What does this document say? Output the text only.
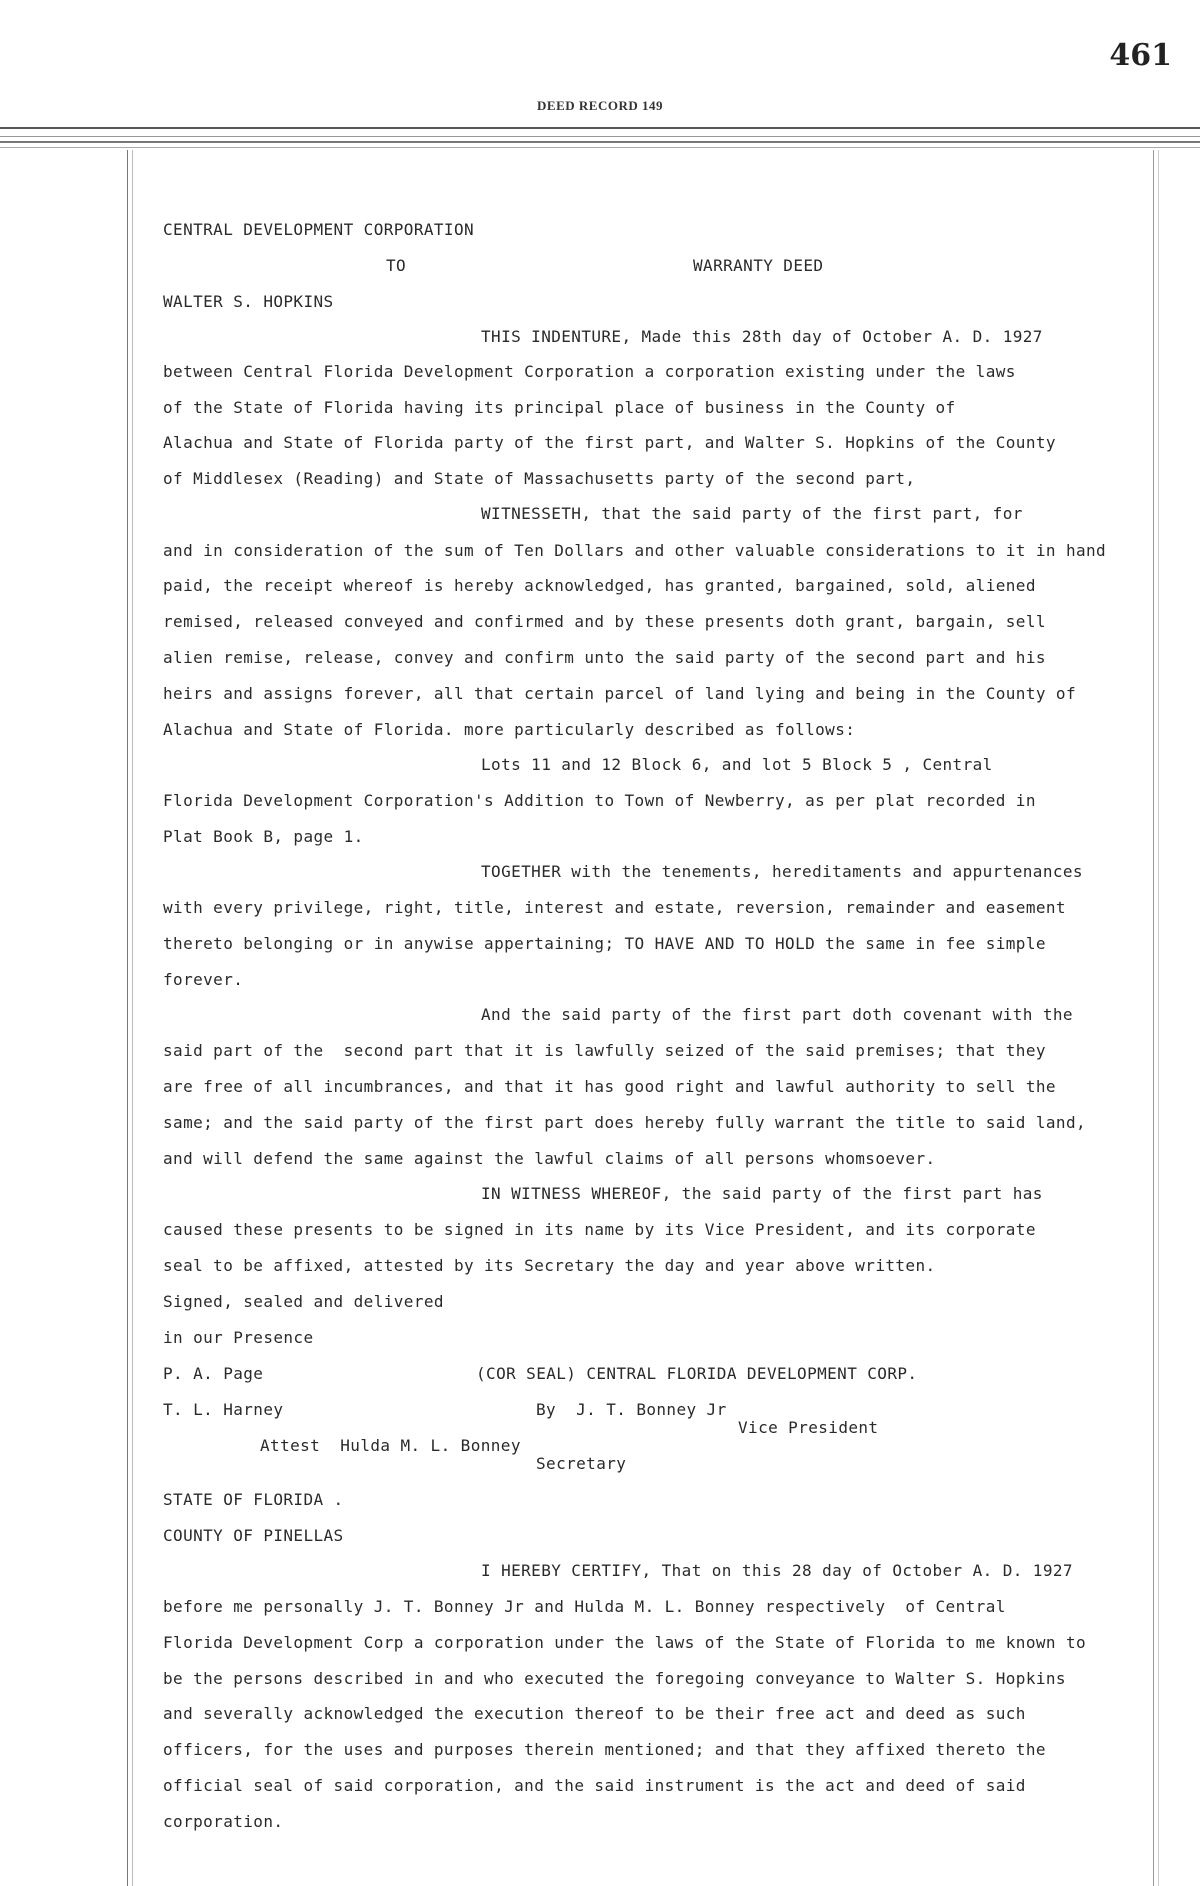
461
DEED RECORD 149
CENTRAL DEVELOPMENT CORPORATION
TO	WARRANTY DEED
WALTER S. HOPKINS
THIS INDENTURE, Made this 28th day of October A. D. 1927
between Central Florida Development Corporation a corporation existing under the laws
of the State of Florida having its principal place of business in the County of
Alachua and State of Florida party of the first part, and Walter S. Hopkins of the County
of Middlesex (Reading) and State of Massachusetts party of the second part,
WITNESSETH, that the said party of the first part, for
and in consideration of the sum of Ten Dollars and other valuable considerations to it in hand
paid, the receipt whereof is hereby acknowledged, has granted, bargained, sold, aliened
remised, released conveyed and confirmed and by these presents doth grant, bargain, sell
alien remise, release, convey and confirm unto the said party of the second part and his
heirs and assigns forever, all that certain parcel of land lying and being in the County of
Alachua and State of Florida. more particularly described as follows:
Lots 11 and 12 Block 6, and lot 5 Block 5 , Central
Florida Development Corporation's Addition to Town of Newberry, as per plat recorded in
Plat Book B, page 1.
TOGETHER with the tenements, hereditaments and appurtenances
with every privilege, right, title, interest and estate, reversion, remainder and easement
thereto belonging or in anywise appertaining; TO HAVE AND TO HOLD the same in fee simple
forever.
And the said party of the first part doth covenant with the
said part of the  second part that it is lawfully seized of the said premises; that they
are free of all incumbrances, and that it has good right and lawful authority to sell the
same; and the said party of the first part does hereby fully warrant the title to said land,
and will defend the same against the lawful claims of all persons whomsoever.
IN WITNESS WHEREOF, the said party of the first part has
caused these presents to be signed in its name by its Vice President, and its corporate
seal to be affixed, attested by its Secretary the day and year above written.
Signed, sealed and delivered
in our Presence
P. A. Page	(COR SEAL) CENTRAL FLORIDA DEVELOPMENT CORP.
T. L. Harney	By  J. T. Bonney Jr
Vice President
Attest  Hulda M. L. Bonney
Secretary
STATE OF FLORIDA .
COUNTY OF PINELLAS
I HEREBY CERTIFY, That on this 28 day of October A. D. 1927
before me personally J. T. Bonney Jr and Hulda M. L. Bonney respectively  of Central
Florida Development Corp a corporation under the laws of the State of Florida to me known to
be the persons described in and who executed the foregoing conveyance to Walter S. Hopkins
and severally acknowledged the execution thereof to be their free act and deed as such
officers, for the uses and purposes therein mentioned; and that they affixed thereto the
official seal of said corporation, and the said instrument is the act and deed of said
corporation.
